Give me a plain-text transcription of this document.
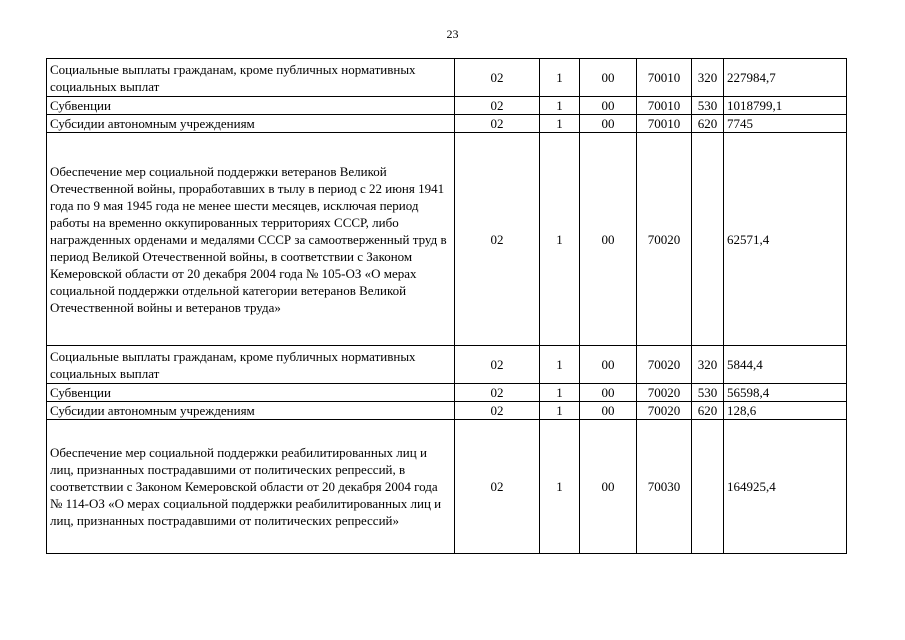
23
Социальные выплаты гражданам, кроме публичных нормативных социальных выплат	02	1	00	70010	320	227984,7
Субвенции	02	1	00	70010	530	1018799,1
Субсидии автономным учреждениям	02	1	00	70010	620	7745
Обеспечение мер социальной поддержки ветеранов Великой Отечественной войны, проработавших в тылу в период с 22 июня 1941 года по 9 мая 1945 года не менее шести месяцев, исключая период работы на временно оккупированных территориях СССР, либо награжденных орденами и медалями СССР за самоотверженный труд в период Великой Отечественной войны, в соответствии с Законом Кемеровской области от 20 декабря 2004 года № 105-ОЗ «О мерах социальной поддержки отдельной категории ветеранов Великой Отечественной войны и ветеранов труда»	02	1	00	70020		62571,4
Социальные выплаты гражданам, кроме публичных нормативных социальных выплат	02	1	00	70020	320	5844,4
Субвенции	02	1	00	70020	530	56598,4
Субсидии автономным учреждениям	02	1	00	70020	620	128,6
Обеспечение мер социальной поддержки реабилитированных лиц и лиц, признанных пострадавшими от политических репрессий, в соответствии с Законом Кемеровской области от 20 декабря 2004 года № 114-ОЗ «О мерах социальной поддержки реабилитированных лиц и лиц, признанных пострадавшими от политических репрессий»	02	1	00	70030		164925,4
